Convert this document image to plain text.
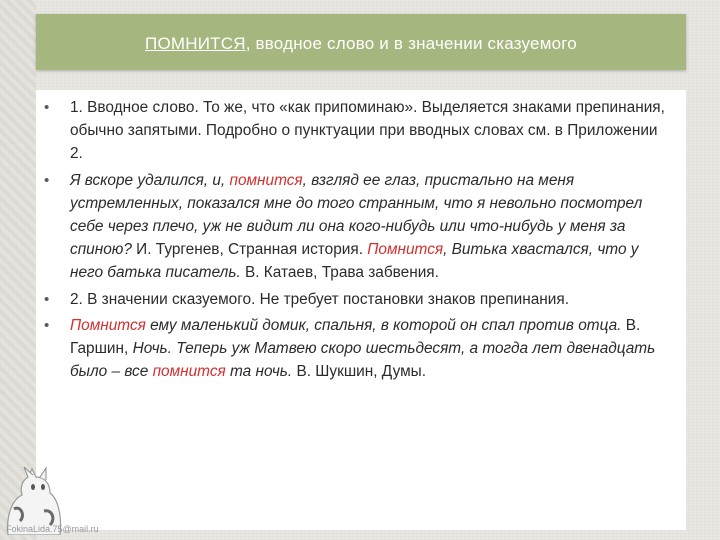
ПОМНИТСЯ, вводное слово и в значении сказуемого
• 1. Вводное слово. То же, что «как припоминаю». Выделяется знаками препинания, обычно запятыми. Подробно о пунктуации при вводных словах см. в Приложении 2.
• Я вскоре удалился, и, помнится, взгляд ее глаз, пристально на меня устремленных, показался мне до того странным, что я невольно посмотрел себе через плечо, уж не видит ли она кого-нибудь или что-нибудь у меня за спиною? И. Тургенев, Странная история. Помнится, Витька хвастался, что у него батька писатель. В. Катаев, Трава забвения.
• 2. В значении сказуемого. Не требует постановки знаков препинания.
• Помнится ему маленький домик, спальня, в которой он спал против отца. В. Гаршин, Ночь. Теперь уж Матвею скоро шестьдесят, а тогда лет двенадцать было – все помнится та ночь. В. Шукшин, Думы.
FokinaLida.75@mail.ru
